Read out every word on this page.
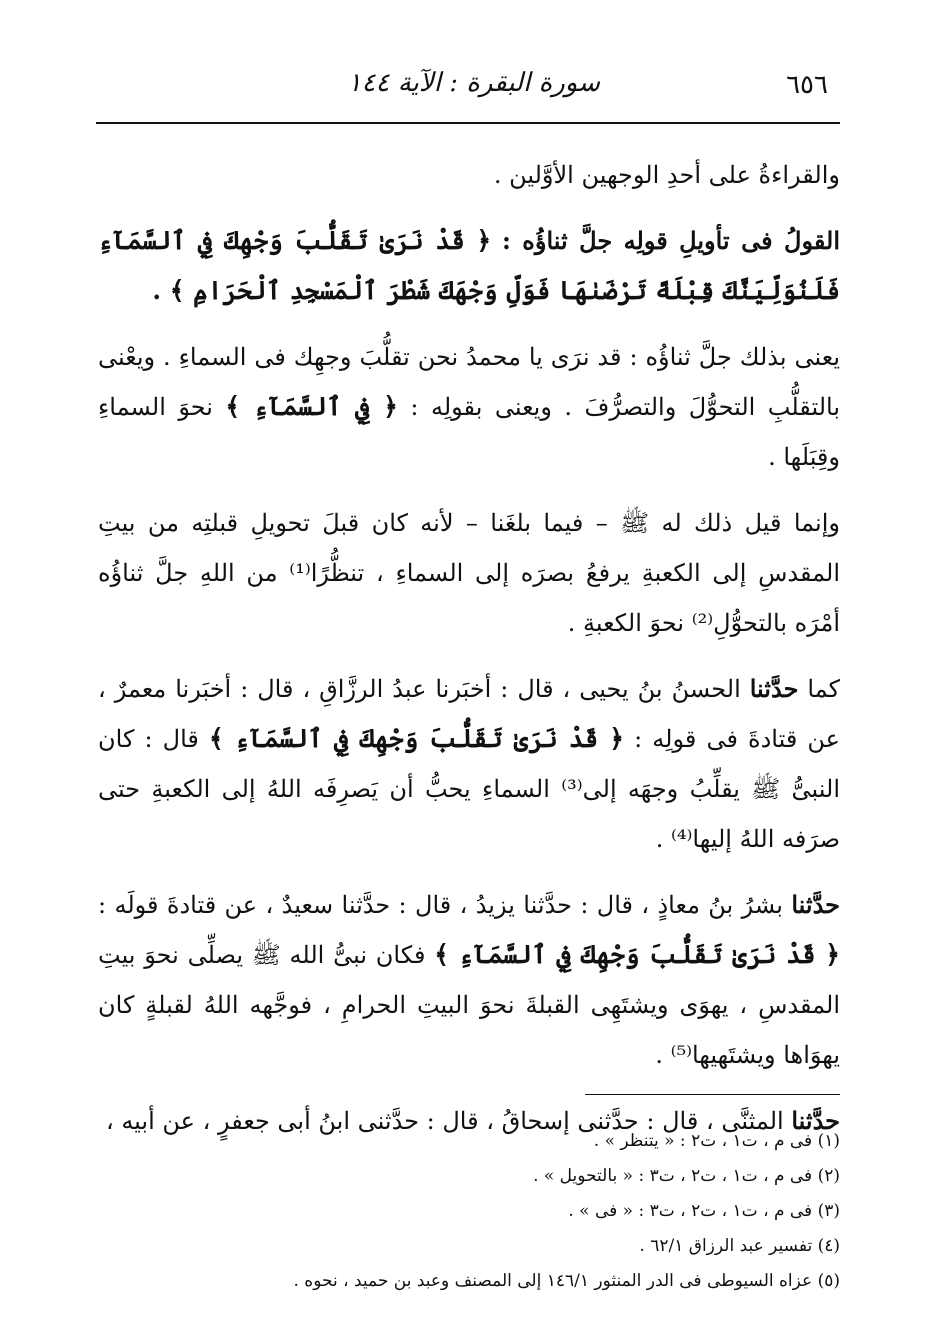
٦٥٦
سورة البقرة : الآية ١٤٤

والقراءةُ على أحدِ الوجهين الأوَّلين .

القولُ فى تأويلِ قولِه جلَّ ثناؤُه : ﴿ قَدْ نَرَىٰ تَقَلُّبَ وَجْهِكَ فِي ٱلسَّمَآءِ فَلَنُوَلِّيَنَّكَ قِبْلَةً تَرْضَىٰهَا فَوَلِّ وَجْهَكَ شَطْرَ ٱلْمَسْجِدِ ٱلْحَرَامِ ﴾ .

يعنى بذلك جلَّ ثناؤُه : قد نرَى يا محمدُ نحن تقلُّبَ وجهِك فى السماءِ . ويعْنى بالتقلُّبِ التحوُّلَ والتصرُّفَ . ويعنى بقولِه : ﴿ فِي ٱلسَّمَآءِ ﴾ نحوَ السماءِ وقِبَلَها .

وإنما قيل ذلك له ﷺ – فيما بلغَنا – لأنه كان قبلَ تحويلِ قبلتِه من بيتِ المقدسِ إلى الكعبةِ يرفعُ بصرَه إلى السماءِ ، تنظُّرًا⁽¹⁾ من اللهِ جلَّ ثناؤُه أمْرَه بالتحوُّلِ⁽²⁾ نحوَ الكعبةِ .

كما حدَّثنا الحسنُ بنُ يحيى ، قال : أخبَرنا عبدُ الرزَّاقِ ، قال : أخبَرنا معمرٌ ، عن قتادةَ فى قولِه : ﴿ قَدْ نَرَىٰ تَقَلُّبَ وَجْهِكَ فِي ٱلسَّمَآءِ ﴾ قال : كان النبىُّ ﷺ يقلِّبُ وجهَه إلى⁽³⁾ السماءِ يحبُّ أن يَصرِفَه اللهُ إلى الكعبةِ حتى صرَفه اللهُ إليها⁽⁴⁾ .

حدَّثنا بشرُ بنُ معاذٍ ، قال : حدَّثنا يزيدُ ، قال : حدَّثنا سعيدٌ ، عن قتادةَ قولَه : ﴿ قَدْ نَرَىٰ تَقَلُّبَ وَجْهِكَ فِي ٱلسَّمَآءِ ﴾ فكان نبىُّ الله ﷺ يصلِّى نحوَ بيتِ المقدسِ ، يهوَى ويشتَهِى القبلةَ نحوَ البيتِ الحرامِ ، فوجَّهه اللهُ لقبلةٍ كان يهوَاها ويشتَهيها⁽⁵⁾ .

حدَّثنا المثنَّى ، قال : حدَّثنى إسحاقُ ، قال : حدَّثنى ابنُ أبى جعفرٍ ، عن أبيه ،

(١) فى م ، ت١ ، ت٢ : « يتنظر » .

(٢) فى م ، ت١ ، ت٢ ، ت٣ : « بالتحويل » .

(٣) فى م ، ت١ ، ت٢ ، ت٣ : « فى » .

(٤) تفسير عبد الرزاق ٦٢/١ .

(٥) عزاه السيوطى فى الدر المنثور ١٤٦/١ إلى المصنف وعبد بن حميد ، نحوه .
